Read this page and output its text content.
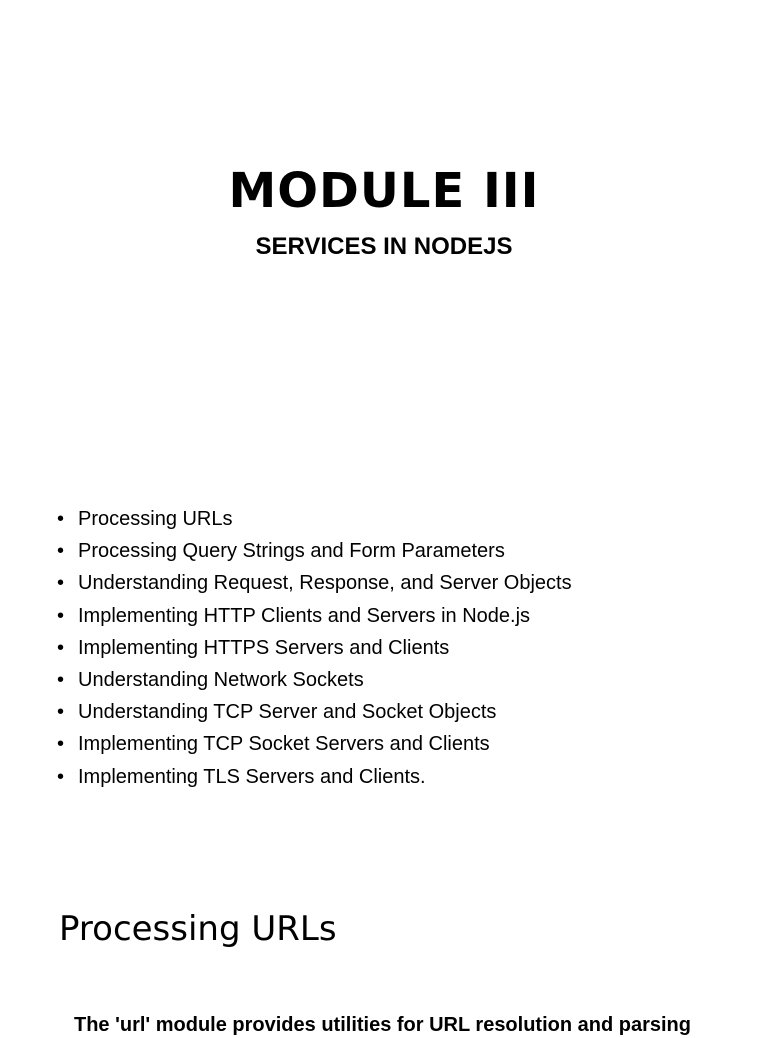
MODULE III
SERVICES IN NODEJS
• Processing URLs
• Processing Query Strings and Form Parameters
• Understanding Request, Response, and Server Objects
• Implementing HTTP Clients and Servers in Node.js
• Implementing HTTPS Servers and Clients
• Understanding Network Sockets
• Understanding TCP Server and Socket Objects
• Implementing TCP Socket Servers and Clients
• Implementing TLS Servers and Clients.
Processing URLs

The 'url' module provides utilities for URL resolution and parsing
